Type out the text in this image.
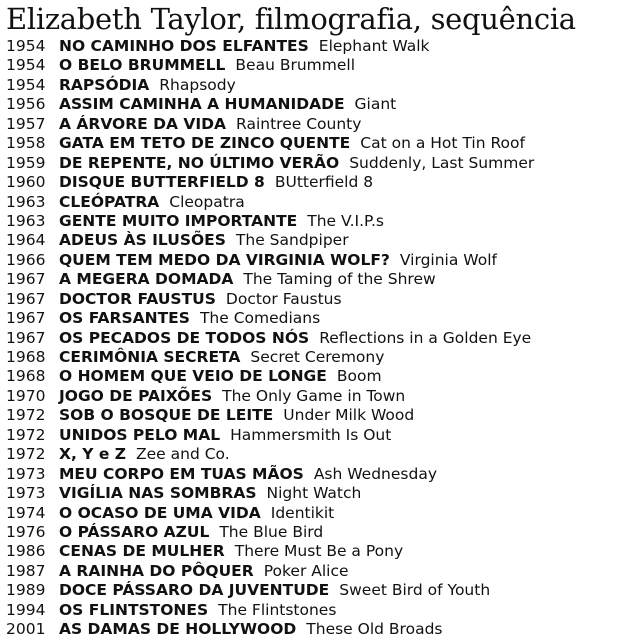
Elizabeth Taylor, filmografia, sequência
1954 NO CAMINHO DOS ELFANTES Elephant Walk
1954 O BELO BRUMMELL Beau Brummell
1954 RAPSÓDIA Rhapsody
1956 ASSIM CAMINHA A HUMANIDADE Giant
1957 A ÁRVORE DA VIDA Raintree County
1958 GATA EM TETO DE ZINCO QUENTE Cat on a Hot Tin Roof
1959 DE REPENTE, NO ÚLTIMO VERÃO Suddenly, Last Summer
1960 DISQUE BUTTERFIELD 8 BUtterfield 8
1963 CLEÓPATRA Cleopatra
1963 GENTE MUITO IMPORTANTE The V.I.P.s
1964 ADEUS ÀS ILUSÕES The Sandpiper
1966 QUEM TEM MEDO DA VIRGINIA WOLF? Virginia Wolf
1967 A MEGERA DOMADA The Taming of the Shrew
1967 DOCTOR FAUSTUS Doctor Faustus
1967 OS FARSANTES The Comedians
1967 OS PECADOS DE TODOS NÓS Reflections in a Golden Eye
1968 CERIMÔNIA SECRETA Secret Ceremony
1968 O HOMEM QUE VEIO DE LONGE Boom
1970 JOGO DE PAIXÕES The Only Game in Town
1972 SOB O BOSQUE DE LEITE Under Milk Wood
1972 UNIDOS PELO MAL Hammersmith Is Out
1972 X, Y e Z Zee and Co.
1973 MEU CORPO EM TUAS MÃOS Ash Wednesday
1973 VIGÍLIA NAS SOMBRAS Night Watch
1974 O OCASO DE UMA VIDA Identikit
1976 O PÁSSARO AZUL The Blue Bird
1986 CENAS DE MULHER There Must Be a Pony
1987 A RAINHA DO PÔQUER Poker Alice
1989 DOCE PÁSSARO DA JUVENTUDE Sweet Bird of Youth
1994 OS FLINTSTONES The Flintstones
2001 AS DAMAS DE HOLLYWOOD These Old Broads
